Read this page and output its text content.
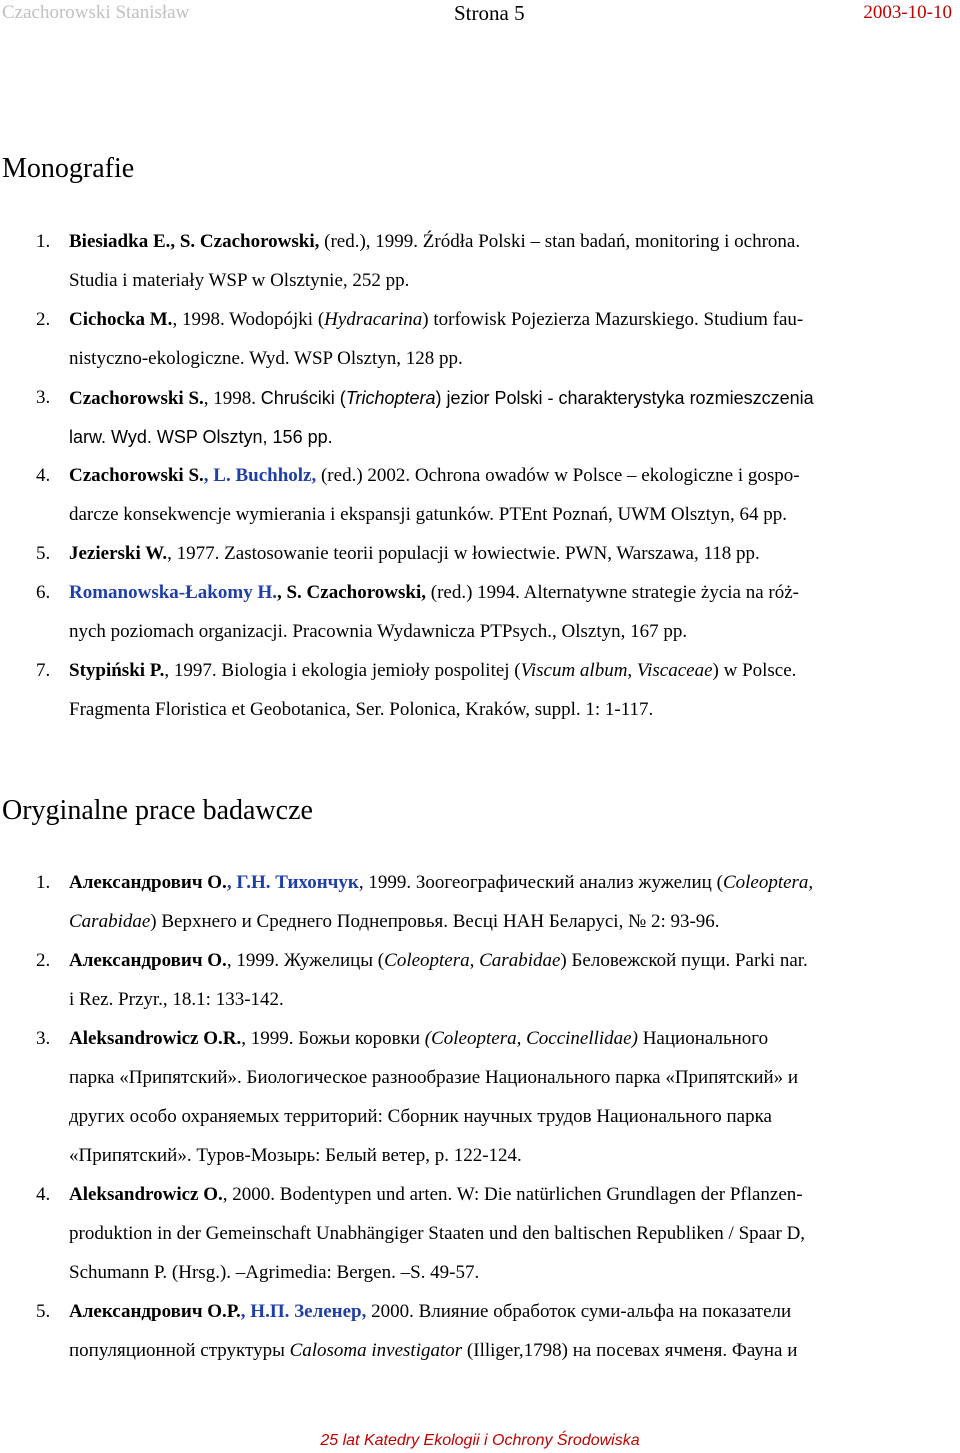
Czachorowski Stanisław	Strona 5	2003-10-10
Monografie
1. Biesiadka E., S. Czachorowski, (red.), 1999. Źródła Polski – stan badań, monitoring i ochrona.
Studia i materiały WSP w Olsztynie, 252 pp.
2. Cichocka M., 1998. Wodopójki (Hydracarina) torfowisk Pojezierza Mazurskiego. Studium fau-
nistyczno-ekologiczne. Wyd. WSP Olsztyn, 128 pp.
3. Czachorowski S., 1998. Chruściki (Trichoptera) jezior Polski - charakterystyka rozmieszczenia
larw. Wyd. WSP Olsztyn, 156 pp.
4. Czachorowski S., L. Buchholz, (red.) 2002. Ochrona owadów w Polsce – ekologiczne i gospo-
darcze konsekwencje wymierania i ekspansji gatunków. PTEnt Poznań, UWM Olsztyn, 64 pp.
5. Jezierski W., 1977. Zastosowanie teorii populacji w łowiectwie. PWN, Warszawa, 118 pp.
6. Romanowska-Łakomy H., S. Czachorowski, (red.) 1994. Alternatywne strategie życia na róż-
nych poziomach organizacji. Pracownia Wydawnicza PTPsych., Olsztyn, 167 pp.
7. Stypiński P., 1997. Biologia i ekologia jemioły pospolitej (Viscum album, Viscaceae) w Polsce.
Fragmenta Floristica et Geobotanica, Ser. Polonica, Kraków, suppl. 1: 1-117.
Oryginalne prace badawcze
1. Александрович О., Г.Н. Тихончук, 1999. Зоогеографический анализ жужелиц (Coleoptera,
Carabidae) Верхнего и Среднего Поднепровья. Весці НАН Беларусі, № 2: 93-96.
2. Александрович О., 1999. Жужелицы (Coleoptera, Carabidae) Беловежской пущи. Parki nar.
i Rez. Przyr., 18.1: 133-142.
3. Aleksandrowicz O.R., 1999. Божьи коровки (Coleoptera, Coccinellidae) Национального
парка «Припятский». Биологическое разнообразие Национального парка «Припятский» и
других особо охраняемых территорий: Сборник научных трудов Национального парка
«Припятский». Туров-Мозырь: Белый ветер, р. 122-124.
4. Aleksandrowicz O., 2000. Bodentypen und arten. W: Die natürlichen Grundlagen der Pflanzen-
produktion in der Gemeinschaft Unabhängiger Staaten und den baltischen Republiken / Spaar D,
Schumann P. (Hrsg.). –Agrimedia: Bergen. –S. 49-57.
5. Александрович О.Р., Н.П. Зеленер, 2000. Влияние обработок суми-альфа на показатели
популяционной структуры Calosoma investigator (Illiger,1798) на посевах ячменя. Фауна и
25 lat Katedry Ekologii i Ochrony Środowiska
